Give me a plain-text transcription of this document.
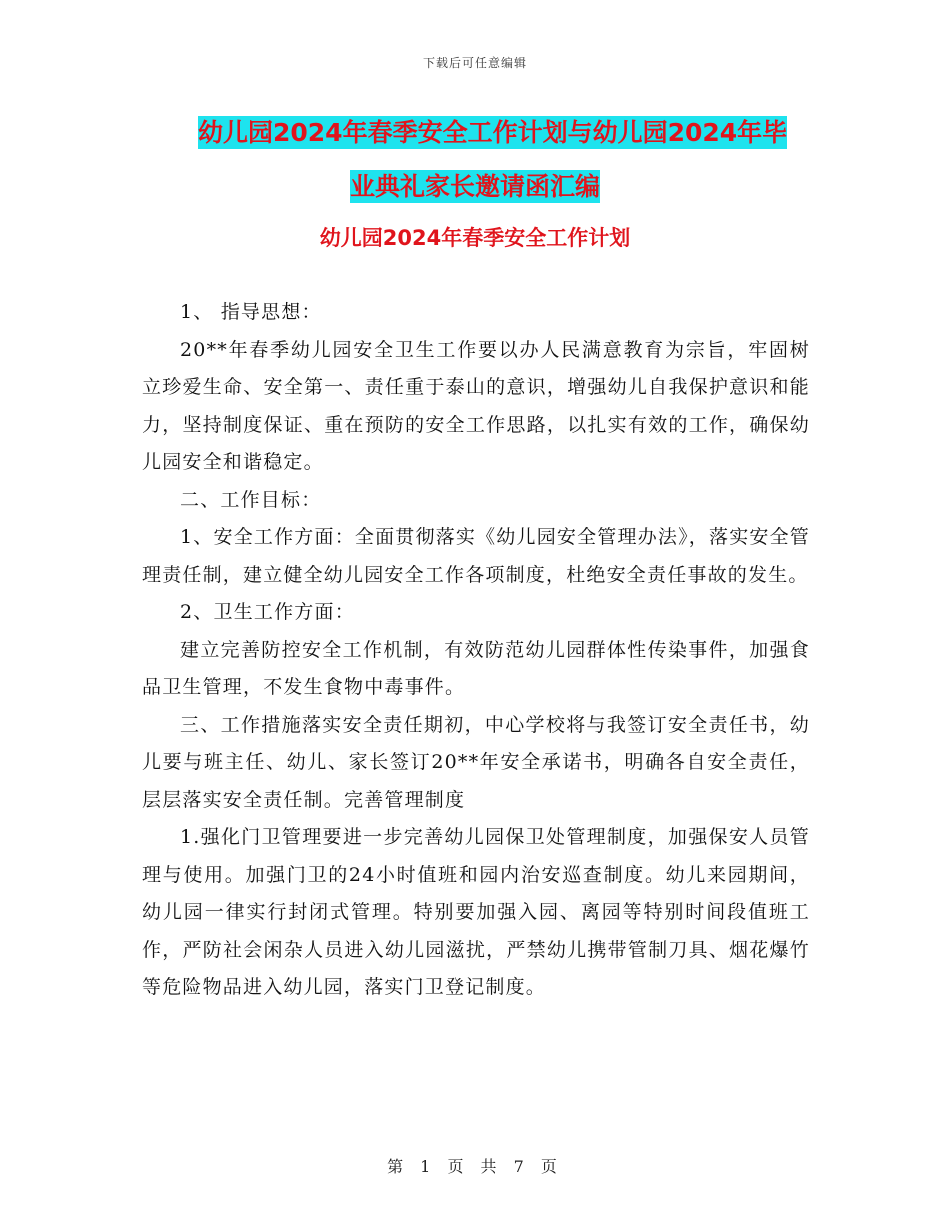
下载后可任意编辑
幼儿园2024年春季安全工作计划与幼儿园2024年毕
业典礼家长邀请函汇编
幼儿园2024年春季安全工作计划

1、 指导思想：

20**年春季幼儿园安全卫生工作要以办人民满意教育为宗旨，牢固树立珍爱生命、安全第一、责任重于泰山的意识，增强幼儿自我保护意识和能力，坚持制度保证、重在预防的安全工作思路，以扎实有效的工作，确保幼儿园安全和谐稳定。

二、工作目标：

1、安全工作方面：全面贯彻落实《幼儿园安全管理办法》，落实安全管理责任制，建立健全幼儿园安全工作各项制度，杜绝安全责任事故的发生。

2、卫生工作方面：

建立完善防控安全工作机制，有效防范幼儿园群体性传染事件，加强食品卫生管理，不发生食物中毒事件。

三、工作措施落实安全责任期初，中心学校将与我签订安全责任书，幼儿要与班主任、幼儿、家长签订20**年安全承诺书，明确各自安全责任，层层落实安全责任制。完善管理制度

1.强化门卫管理要进一步完善幼儿园保卫处管理制度，加强保安人员管理与使用。加强门卫的24小时值班和园内治安巡查制度。幼儿来园期间，幼儿园一律实行封闭式管理。特别要加强入园、离园等特别时间段值班工作，严防社会闲杂人员进入幼儿园滋扰，严禁幼儿携带管制刀具、烟花爆竹等危险物品进入幼儿园，落实门卫登记制度。

第 1 页 共 7 页
